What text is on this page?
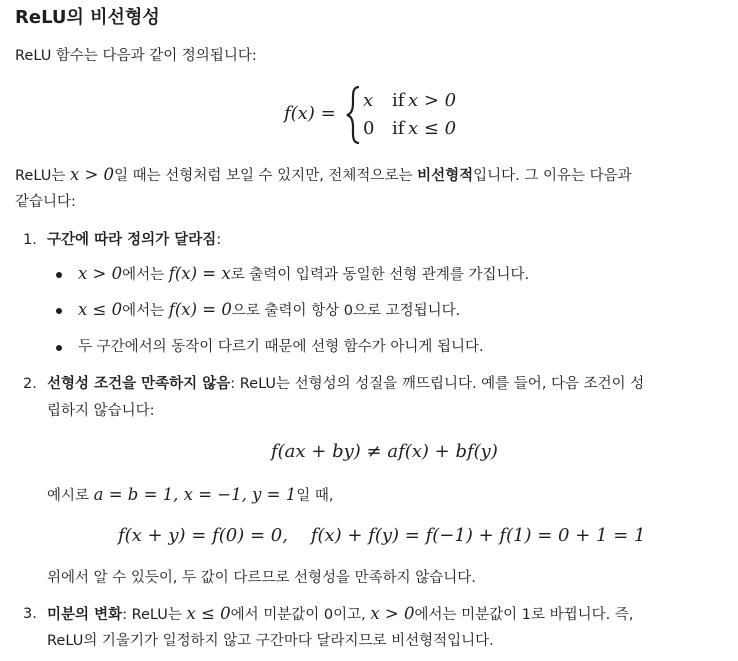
ReLU의 비선형성
ReLU 함수는 다음과 같이 정의됩니다:
f(x) =
x if x > 0
0 if x ≤ 0
ReLU는 x > 0일 때는 선형처럼 보일 수 있지만, 전체적으로는 비선형적입니다. 그 이유는 다음과
같습니다:
1. 구간에 따라 정의가 달라짐:
x > 0에서는 f(x) = x로 출력이 입력과 동일한 선형 관계를 가집니다.
x ≤ 0에서는 f(x) = 0으로 출력이 항상 0으로 고정됩니다.
두 구간에서의 동작이 다르기 때문에 선형 함수가 아니게 됩니다.
2. 선형성 조건을 만족하지 않음: ReLU는 선형성의 성질을 깨뜨립니다. 예를 들어, 다음 조건이 성
립하지 않습니다:
f(ax + by) ≠ af(x) + bf(y)
예시로 a = b = 1, x = −1, y = 1일 때,
f(x + y) = f(0) = 0,    f(x) + f(y) = f(−1) + f(1) = 0 + 1 = 1
위에서 알 수 있듯이, 두 값이 다르므로 선형성을 만족하지 않습니다.
3. 미분의 변화: ReLU는 x ≤ 0에서 미분값이 0이고, x > 0에서는 미분값이 1로 바뀝니다. 즉,
ReLU의 기울기가 일정하지 않고 구간마다 달라지므로 비선형적입니다.
